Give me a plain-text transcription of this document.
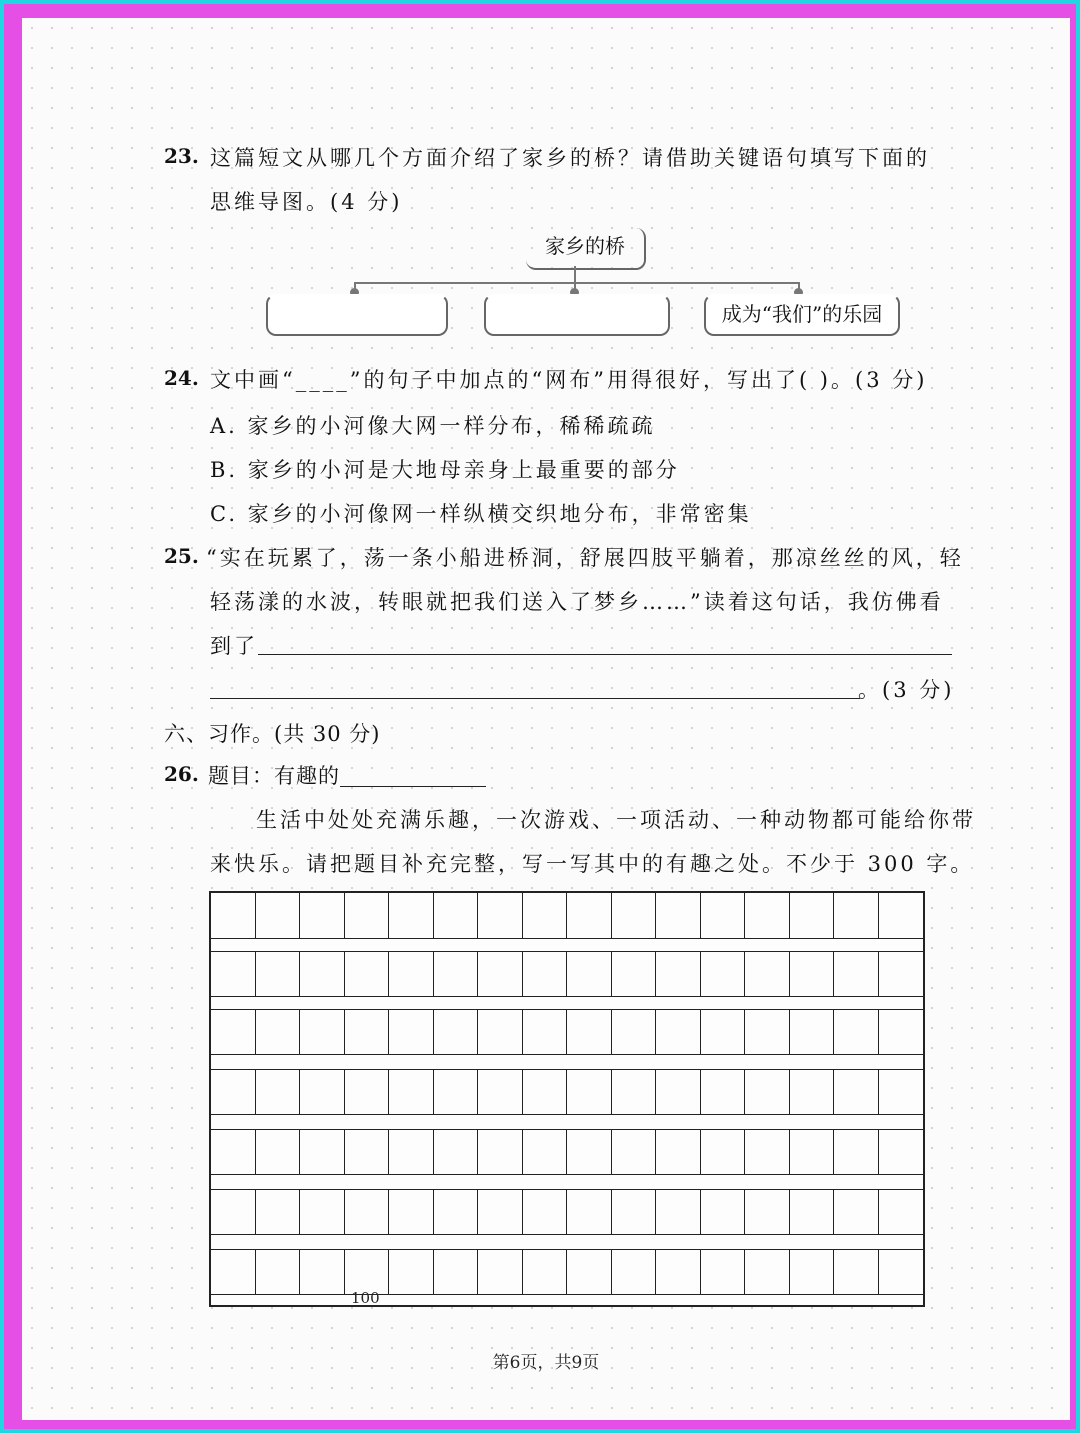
23. 这篇短文从哪几个方面介绍了家乡的桥？请借助关键语句填写下面的
思维导图。(4 分)
家乡的桥
成为“我们”的乐园
24. 文中画“____”的句子中加点的“网布”用得很好，写出了( )。(3 分)
A. 家乡的小河像大网一样分布，稀稀疏疏
B. 家乡的小河是大地母亲身上最重要的部分
C. 家乡的小河像网一样纵横交织地分布，非常密集
25. “实在玩累了，荡一条小船进桥洞，舒展四肢平躺着，那凉丝丝的风，轻
轻荡漾的水波，转眼就把我们送入了梦乡……”读着这句话，我仿佛看
到了
。(3 分)
六、习作。(共 30 分)
26. 题目：有趣的
生活中处处充满乐趣，一次游戏、一项活动、一种动物都可能给你带
来快乐。请把题目补充完整，写一写其中的有趣之处。不少于 300 字。
100
第6页，共9页
